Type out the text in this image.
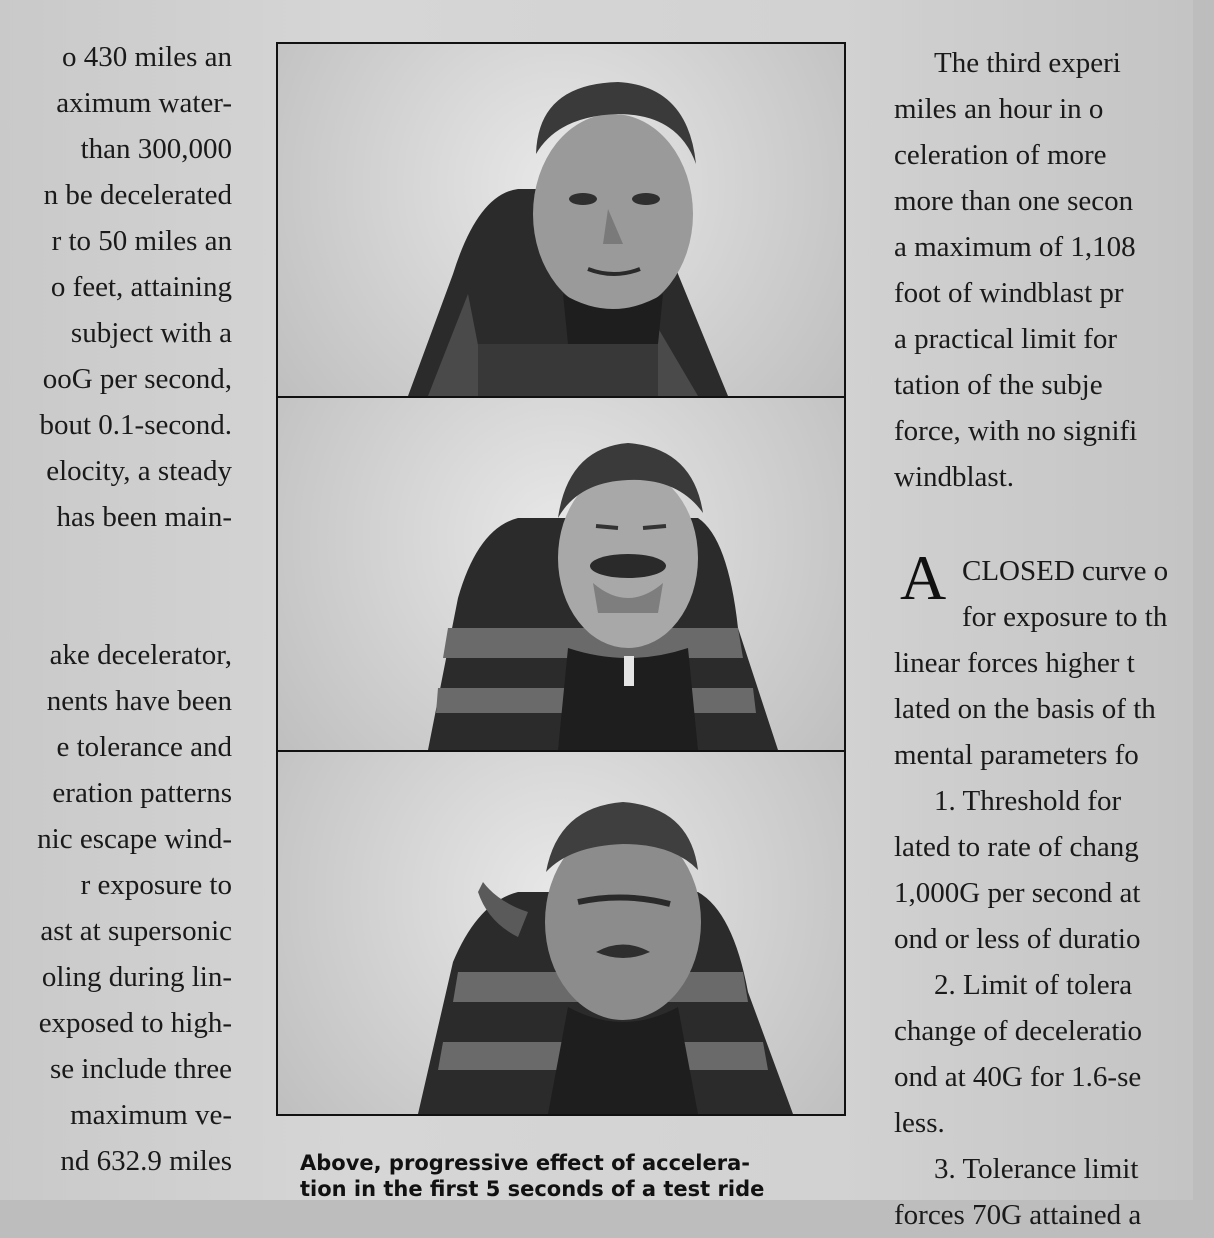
o 430 miles an
aximum water-
than 300,000
n be decelerated
r to 50 miles an
o feet, attaining
subject with a
ooG per second,
bout 0.1-second.
elocity, a steady
has been main-
ake decelerator,
nents have been
e tolerance and
eration patterns
nic escape wind-
r exposure to
ast at supersonic
oling during lin-
exposed to high-
se include three
maximum ve-
nd 632.9 miles	Above, progressive effect of accelera-
tion in the first 5 seconds of a test ride
The third experi
miles an hour in o
celeration of more
more than one secon
a maximum of 1,108
foot of windblast pr
a practical limit for
tation of the subje
force, with no signifi
windblast.
A CLOSED curve o
for exposure to th
linear forces higher t
lated on the basis of th
mental parameters fo
1. Threshold for
lated to rate of chang
1,000G per second at
ond or less of duratio
2. Limit of tolera
change of deceleratio
ond at 40G for 1.6-se
less.
3. Tolerance limit
forces 70G attained a
